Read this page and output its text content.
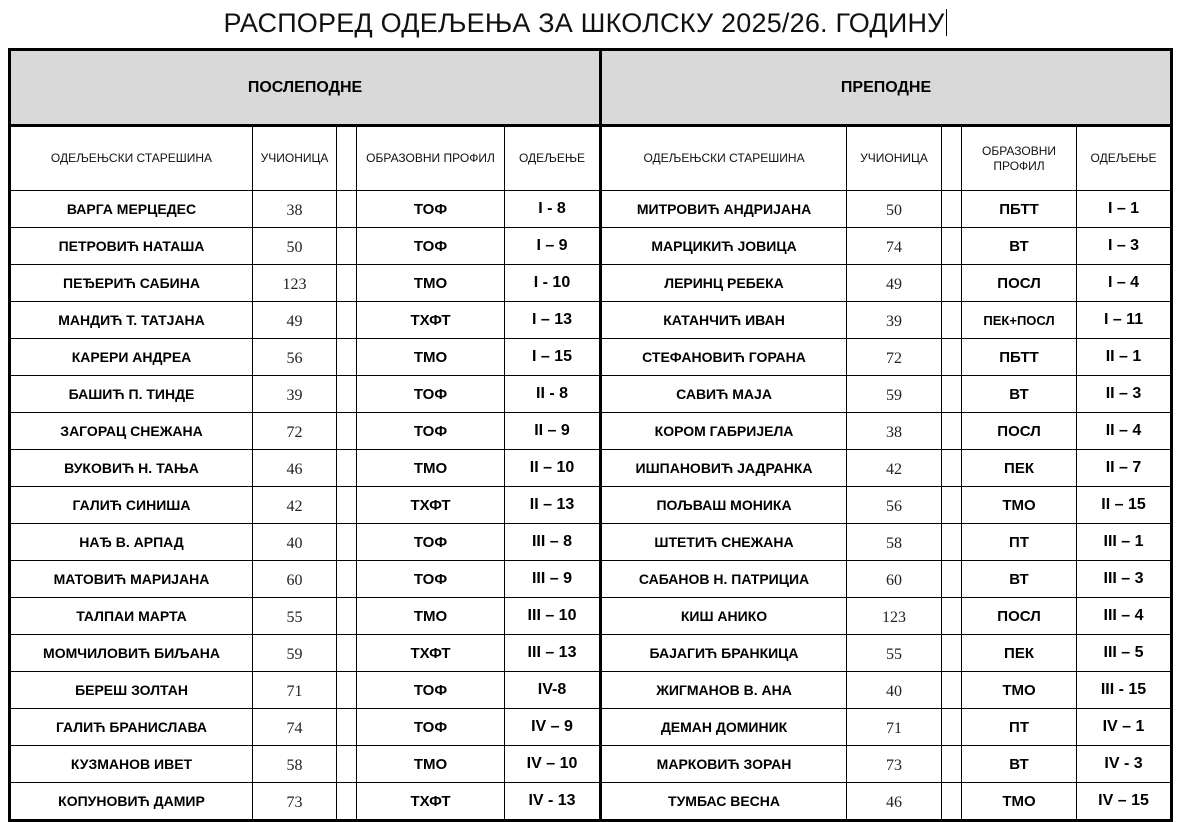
РАСПОРЕД ОДЕЉЕЊА ЗА ШКОЛСКУ 2025/26. ГОДИНУ
ПОСЛЕПОДНЕ					ПРЕПОДНЕ				
ОДЕЉЕЊСКИ СТАРЕШИНА	УЧИОНИЦА		ОБРАЗОВНИ ПРОФИЛ	ОДЕЉЕЊЕ	ОДЕЉЕЊСКИ СТАРЕШИНА	УЧИОНИЦА		ОБРАЗОВНИ ПРОФИЛ	ОДЕЉЕЊЕ
ВАРГА МЕРЦЕДЕС	38		ТОФ	I - 8	МИТРОВИЋ АНДРИЈАНА	50		ПБТТ	I – 1
ПЕТРОВИЋ НАТАША	50		ТОФ	I – 9	МАРЦИКИЋ ЈОВИЦА	74		ВТ	I – 3
ПЕЂЕРИЋ САБИНА	123		ТМО	I - 10	ЛЕРИНЦ РЕБЕКА	49		ПОСЛ	I – 4
МАНДИЋ Т. ТАТЈАНА	49		ТХФТ	I – 13	КАТАНЧИЋ ИВАН	39		ПЕК+ПОСЛ	I – 11
КАРЕРИ АНДРЕА	56		ТМО	I – 15	СТЕФАНОВИЋ ГОРАНА	72		ПБТТ	II – 1
БАШИЋ П. ТИНДЕ	39		ТОФ	II - 8	САВИЋ МАЈА	59		ВТ	II – 3
ЗАГОРАЦ СНЕЖАНА	72		ТОФ	II – 9	КОРОМ ГАБРИЈЕЛА	38		ПОСЛ	II – 4
ВУКОВИЋ Н. ТАЊА	46		ТМО	II – 10	ИШПАНОВИЋ ЈАДРАНКА	42		ПЕК	II – 7
ГАЛИЋ СИНИША	42		ТХФТ	II – 13	ПОЉВАШ МОНИКА	56		ТМО	II – 15
НАЂ В. АРПАД	40		ТОФ	III – 8	ШТЕТИЋ СНЕЖАНА	58		ПТ	III – 1
МАТОВИЋ МАРИЈАНА	60		ТОФ	III – 9	САБАНОВ Н. ПАТРИЦИА	60		ВТ	III – 3
ТАЛПАИ МАРТА	55		ТМО	III – 10	КИШ АНИКО	123		ПОСЛ	III – 4
МОМЧИЛОВИЋ БИЉАНА	59		ТХФТ	III – 13	БАЈАГИЋ БРАНКИЦА	55		ПЕК	III – 5
БЕРЕШ ЗОЛТАН	71		ТОФ	IV-8	ЖИГМАНОВ В. АНА	40		ТМО	III - 15
ГАЛИЋ БРАНИСЛАВА	74		ТОФ	IV – 9	ДЕМАН ДОМИНИК	71		ПТ	IV – 1
КУЗМАНОВ ИВЕТ	58		ТМО	IV – 10	МАРКОВИЋ ЗОРАН	73		ВТ	IV - 3
КОПУНОВИЋ ДАМИР	73		ТХФТ	IV - 13	ТУМБАС ВЕСНА	46		ТМО	IV – 15
